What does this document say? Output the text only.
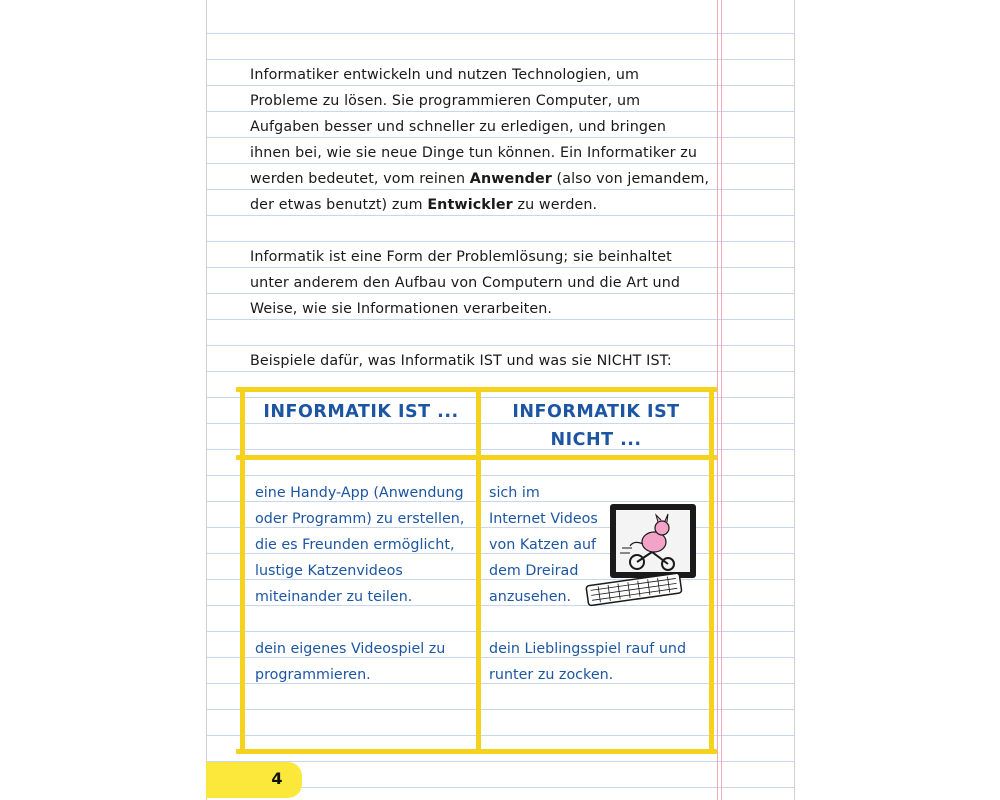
Informatiker entwickeln und nutzen Technologien, um Probleme zu lösen. Sie programmieren Computer, um Aufgaben besser und schneller zu erledigen, und bringen ihnen bei, wie sie neue Dinge tun können. Ein Informatiker zu werden bedeutet, vom reinen Anwender (also von jemandem, der etwas benutzt) zum Entwickler zu werden.

Informatik ist eine Form der Problemlösung; sie beinhaltet unter anderem den Aufbau von Computern und die Art und Weise, wie sie Informationen verarbeiten.

Beispiele dafür, was Informatik IST und was sie NICHT IST:

INFORMATIK IST ...	INFORMATIK IST
NICHT ...

eine Handy-App (Anwendung oder Programm) zu erstellen, die es Freunden ermöglicht, lustige Katzenvideos miteinander zu teilen.
dein eigenes Videospiel zu programmieren.

sich im Internet Videos von Katzen auf dem Dreirad anzusehen.

dein Lieblingsspiel rauf und runter zu zocken.

4
